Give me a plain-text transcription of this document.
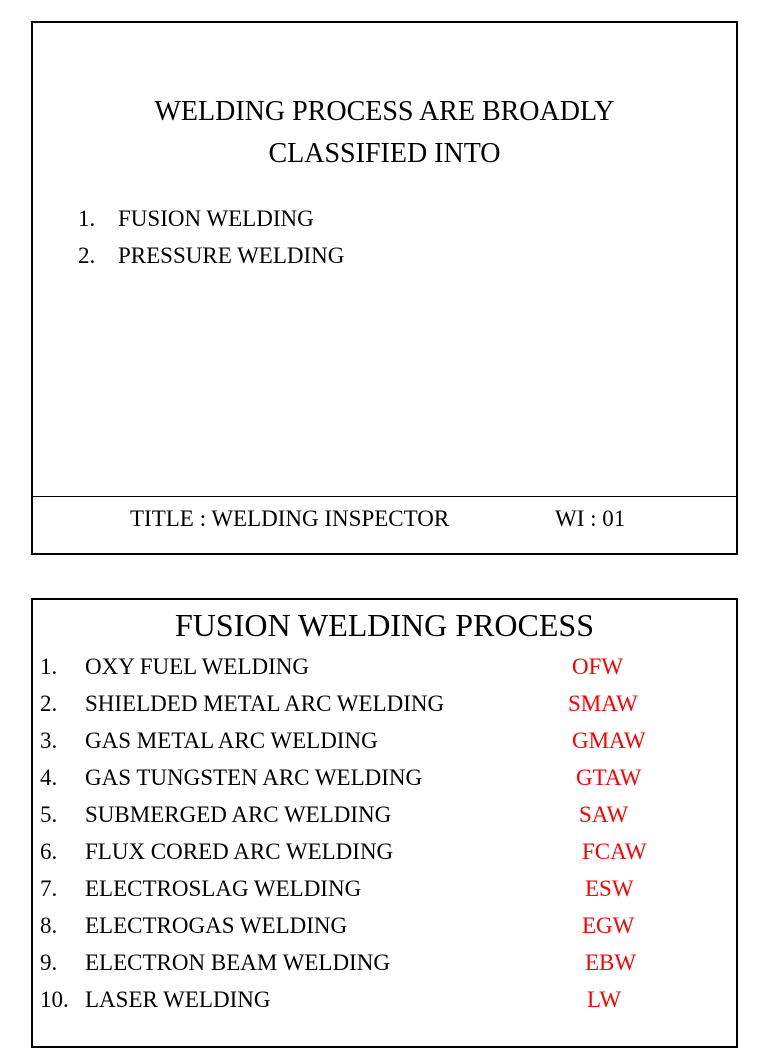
WELDING PROCESS ARE BROADLY
CLASSIFIED INTO
1. FUSION WELDING
2. PRESSURE WELDING
TITLE : WELDING INSPECTOR	WI : 01
FUSION WELDING PROCESS
1. OXY FUEL WELDING	OFW
2. SHIELDED METAL ARC WELDING	SMAW
3. GAS METAL ARC WELDING	GMAW
4. GAS TUNGSTEN ARC WELDING	GTAW
5. SUBMERGED ARC WELDING	SAW
6. FLUX CORED ARC WELDING	FCAW
7. ELECTROSLAG WELDING	ESW
8. ELECTROGAS WELDING	EGW
9. ELECTRON BEAM WELDING	EBW
10. LASER WELDING	LW
